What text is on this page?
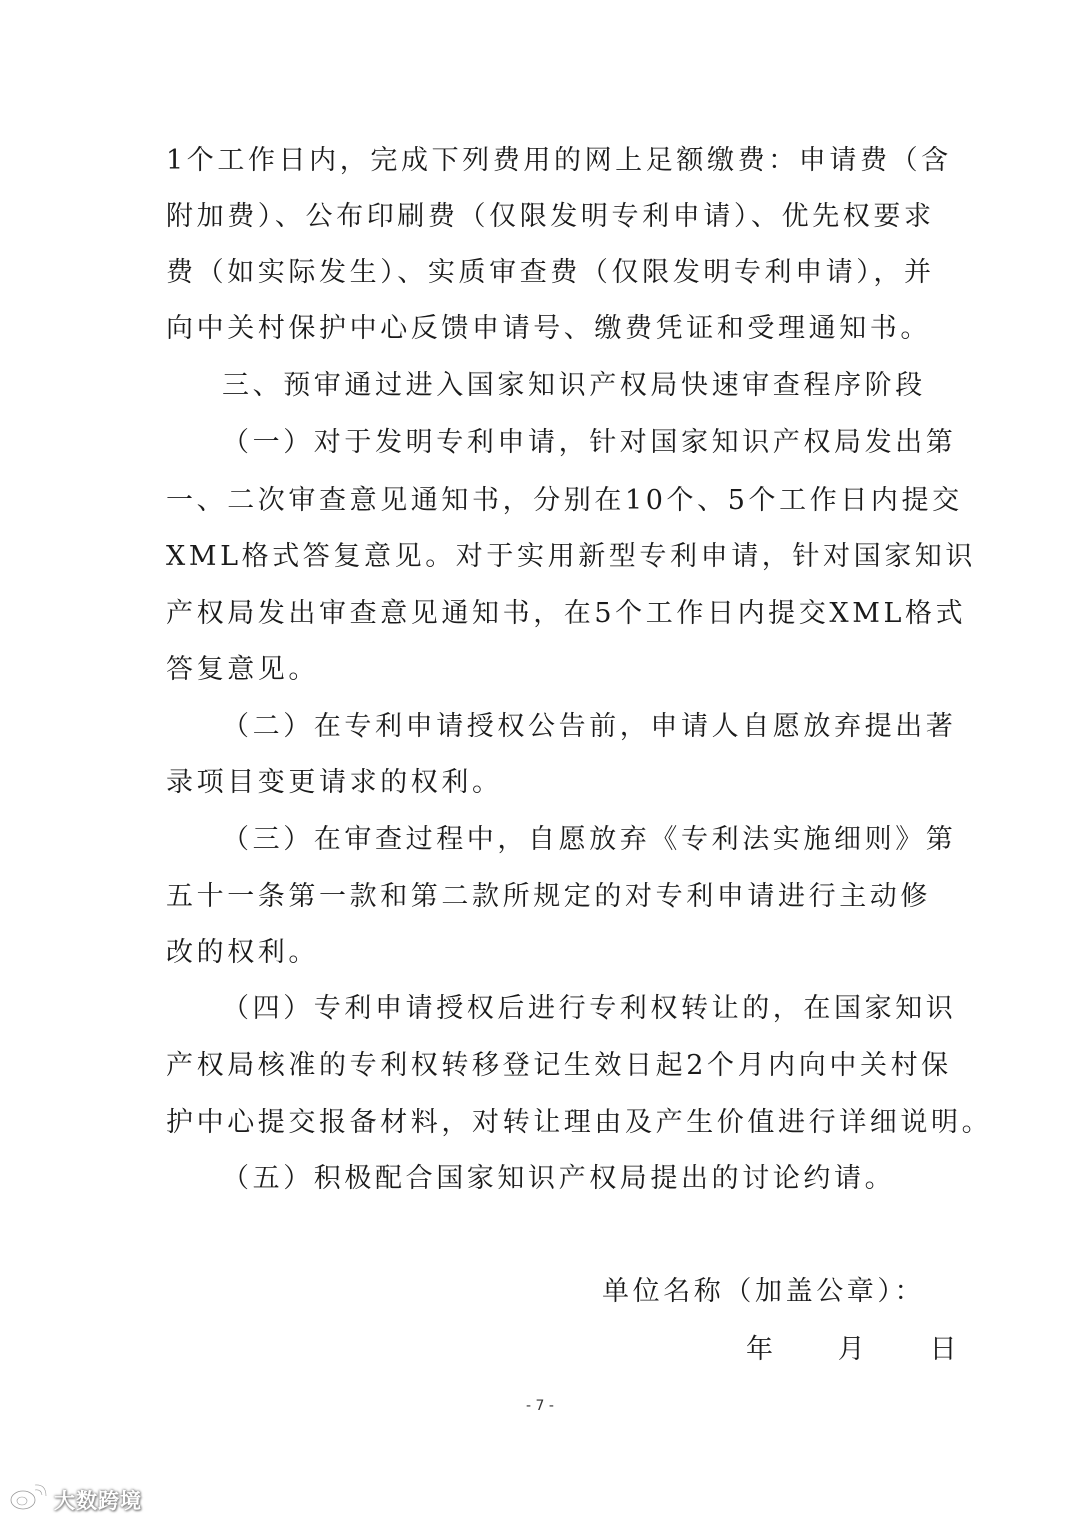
1个工作日内，完成下列费用的网上足额缴费：申请费（含
附加费）、公布印刷费（仅限发明专利申请）、优先权要求
费（如实际发生）、实质审查费（仅限发明专利申请），并
向中关村保护中心反馈申请号、缴费凭证和受理通知书。
三、预审通过进入国家知识产权局快速审查程序阶段
（一）对于发明专利申请，针对国家知识产权局发出第
一、二次审查意见通知书，分别在10个、5个工作日内提交
XML格式答复意见。对于实用新型专利申请，针对国家知识
产权局发出审查意见通知书，在5个工作日内提交XML格式
答复意见。
（二）在专利申请授权公告前，申请人自愿放弃提出著
录项目变更请求的权利。
（三）在审查过程中，自愿放弃《专利法实施细则》第
五十一条第一款和第二款所规定的对专利申请进行主动修
改的权利。
（四）专利申请授权后进行专利权转让的，在国家知识
产权局核准的专利权转移登记生效日起2个月内向中关村保
护中心提交报备材料，对转让理由及产生价值进行详细说明。
（五）积极配合国家知识产权局提出的讨论约请。
单位名称（加盖公章）：
年　　月　　日
- 7 -
大数跨境
